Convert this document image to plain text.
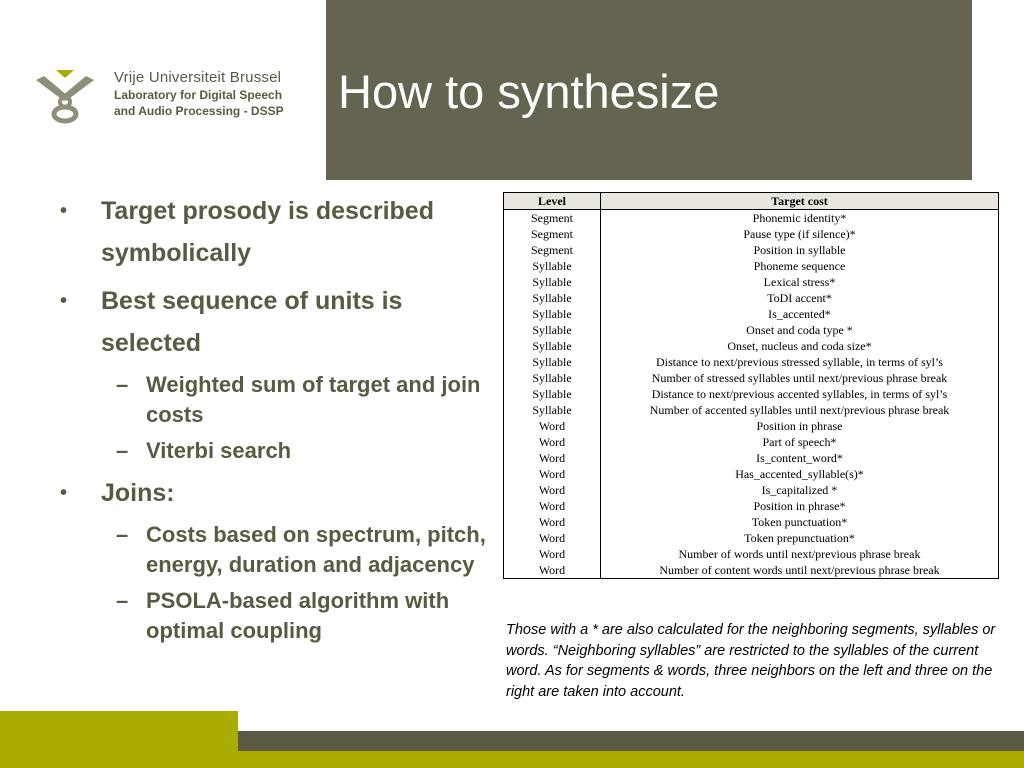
Vrije Universiteit Brussel
Laboratory for Digital Speech
and Audio Processing - DSSP How to synthesize
• Target prosody is described symbolically
• Best sequence of units is selected
– Weighted sum of target and join costs
– Viterbi search
• Joins:
– Costs based on spectrum, pitch, energy, duration and adjacency
– PSOLA-based algorithm with optimal coupling
Level	Target cost
Segment	Phonemic identity*
Segment	Pause type (if silence)*
Segment	Position in syllable
Syllable	Phoneme sequence
Syllable	Lexical stress*
Syllable	ToDI accent*
Syllable	Is_accented*
Syllable	Onset and coda type *
Syllable	Onset, nucleus and coda size*
Syllable	Distance to next/previous stressed syllable, in terms of syl’s
Syllable	Number of stressed syllables until next/previous phrase break
Syllable	Distance to next/previous accented syllables, in terms of syl’s
Syllable	Number of accented syllables until next/previous phrase break
Word	Position in phrase
Word	Part of speech*
Word	Is_content_word*
Word	Has_accented_syllable(s)*
Word	Is_capitalized *
Word	Position in phrase*
Word	Token punctuation*
Word	Token prepunctuation*
Word	Number of words until next/previous phrase break
Word	Number of content words until next/previous phrase break

Those with a * are also calculated for the neighboring segments, syllables or words. “Neighboring syllables” are restricted to the syllables of the current word. As for segments & words, three neighbors on the left and three on the right are taken into account.
